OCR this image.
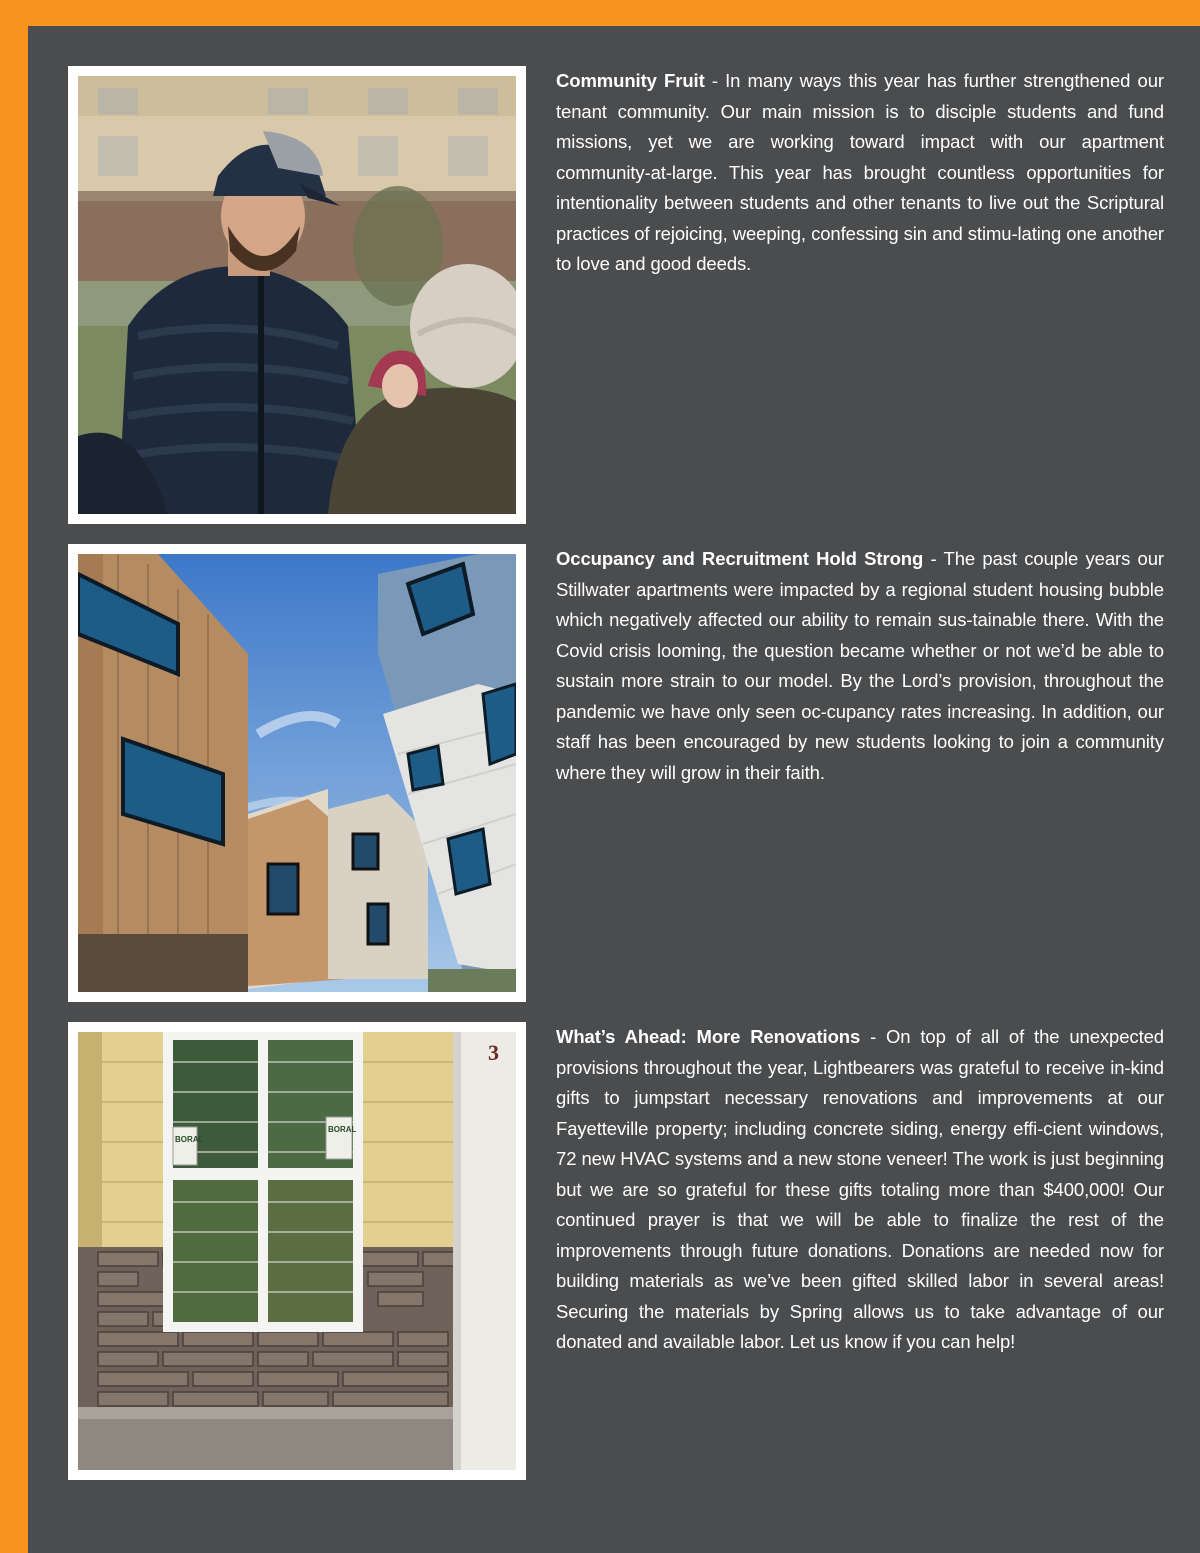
Community Fruit - In many ways this year has further strengthened our tenant community. Our main mission is to disciple students and fund missions, yet we are working toward impact with our apartment community-at-large. This year has brought countless opportunities for intentionality between students and other tenants to live out the Scriptural practices of rejoicing, weeping, confessing sin and stimu-lating one another to love and good deeds.
Occupancy and Recruitment Hold Strong - The past couple years our Stillwater apartments were impacted by a regional student housing bubble which negatively affected our ability to remain sus-tainable there. With the Covid crisis looming, the question became whether or not we’d be able to sustain more strain to our model. By the Lord’s provision, throughout the pandemic we have only seen oc-cupancy rates increasing. In addition, our staff has been encouraged by new students looking to join a community where they will grow in their faith.
BORAL
BORAL
3
What’s Ahead: More Renovations - On top of all of the unexpected provisions throughout the year, Lightbearers was grateful to receive in-kind gifts to jumpstart necessary renovations and improvements at our Fayetteville property; including concrete siding, energy effi-cient windows, 72 new HVAC systems and a new stone veneer! The work is just beginning but we are so grateful for these gifts totaling more than $400,000! Our continued prayer is that we will be able to finalize the rest of the improvements through future donations. Donations are needed now for building materials as we’ve been gifted skilled labor in several areas! Securing the materials by Spring allows us to take advantage of our donated and available labor. Let us know if you can help!
